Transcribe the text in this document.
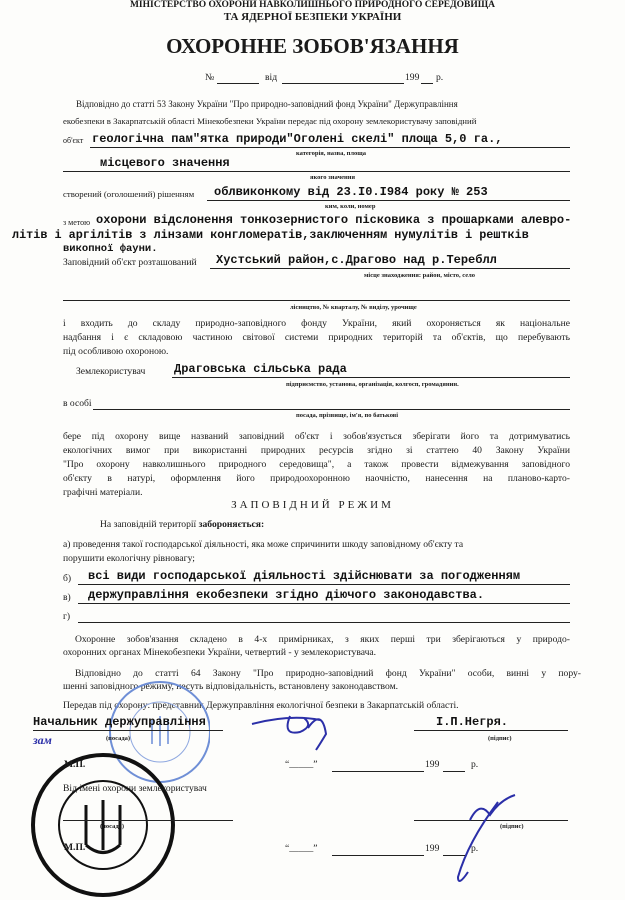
МІНІСТЕРСТВО ОХОРОНИ НАВКОЛИШНЬОГО ПРИРОДНОГО СЕРЕДОВИЩА
ТА ЯДЕРНОЇ БЕЗПЕКИ УКРАЇНИ
ОХОРОННЕ ЗОБОВ'ЯЗАННЯ
№	від	199 р.
Відповідно до статті 53 Закону України "Про природно-заповідний фонд України" Держуправління
екобезпеки в Закарпатській області Мінекобезпеки України передає під охорону землекористувачу заповідний
об'єкт геологічна пам"ятка природи"Оголені скелі" площа 5,0 га.,
категорія, назва, площа
місцевого значення
якого значення
створений (оголошений) рішенням облвиконкому від 23.I0.I984 року № 253
ким, коли, номер
з метою охорони відслонення тонкозернистого пісковика з прошарками алевро-
літів і аргілітів з лінзами конгломератів,заключенням нумулітів і рештків
викопної фауни.
Заповідний об'єкт розташований Хустський район,с.Драгово над р.Тереблл
місце знаходження: район, місто, село
лісництво, № кварталу, № виділу, урочище
і входить до складу природно-заповідного фонду України, який охороняється як національне
надбання і є складовою частиною світової системи природних територій та об'єктів, що перебувають
під особливою охороною.
Землекористувач Драговська сільська рада
підприємство, установа, організація, колгосп, громадянин.
в особі
посада, прізвище, ім'я, по батькові
бере під охорону вище названий заповідний об'єкт і зобов'язується зберігати його та дотримуватись
екологічних вимог при використанні природних ресурсів згідно зі статтею 40 Закону України
"Про охорону навколишнього природного середовища", а також провести відмежування заповідного
об'єкту в натурі, оформлення його природоохоронною наочністю, нанесення на планово-карто-
графічні матеріали.
ЗАПОВІДНИЙ РЕЖИМ
На заповідній території забороняється:
а) проведення такої господарської діяльності, яка може спричинити шкоду заповідному об'єкту та
порушити екологічну рівновагу;
б) всі види господарської діяльності здійснювати за погодженням
в) держуправління екобезпеки згідно діючого законодавства.
г)
Охоронне зобов'язання складено в 4-х примірниках, з яких перші три зберігаються у природо-
охоронних органах Мінекобезпеки України, четвертий - у землекористувача.
Відповідно до статті 64 Закону "Про природно-заповідний фонд України" особи, винні у пору-
шенні заповідного режиму, несуть відповідальність, встановлену законодавством.
Передав під охорону: представник Держуправління екологічної безпеки в Закарпатській області.
Начальник держуправління
(посада)
зам
І.П.Негря.
(підпис)
М.П.	“_____”	199	р.
Від імені охорони землекористувач
(посада)	(підпис)
М.П.	“_____”	199	р.
